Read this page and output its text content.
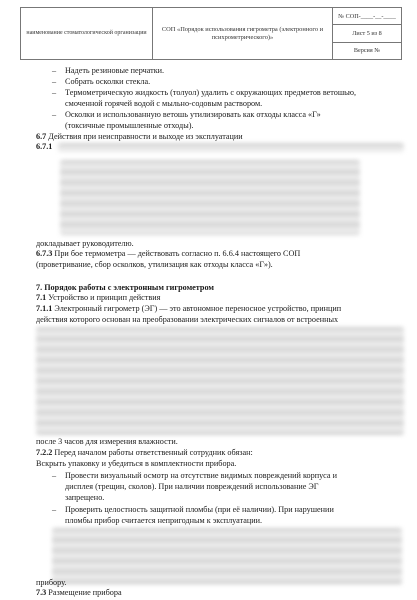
наименование стоматологической организации
СОП «Порядок использования гигрометра (электронного и психрометрического)»
№ СОП-____-__-____
Лист 5 из 8
Версия №
–	Надеть резиновые перчатки.
–	Собрать осколки стекла.
–	Термометрическую жидкость (толуол) удалить с окружающих предметов ветошью,
смоченной горячей водой с мыльно-содовым раствором.
–	Осколки и использованную ветошь утилизировать как отходы класса «Г»
(токсичные промышленные отходы).
6.7 Действия при неисправности и выходе из эксплуатации
6.7.1
докладывает руководителю.
6.7.3 При бое термометра — действовать согласно п. 6.6.4 настоящего СОП
(проветривание, сбор осколков, утилизация как отходы класса «Г»).
7. Порядок работы с электронным гигрометром
7.1 Устройство и принцип действия
7.1.1 Электронный гигрометр (ЭГ) — это автономное переносное устройство, принцип
действия которого основан на преобразовании электрических сигналов от встроенных
после 3 часов для измерения влажности.
7.2.2 Перед началом работы ответственный сотрудник обязан:
Вскрыть упаковку и убедиться в комплектности прибора.
–	Провести визуальный осмотр на отсутствие видимых повреждений корпуса и
дисплея (трещин, сколов). При наличии повреждений использование ЭГ
запрещено.
–	Проверить целостность защитной пломбы (при её наличии). При нарушении
пломбы прибор считается непригодным к эксплуатации.
прибору.
7.3 Размещение прибора
